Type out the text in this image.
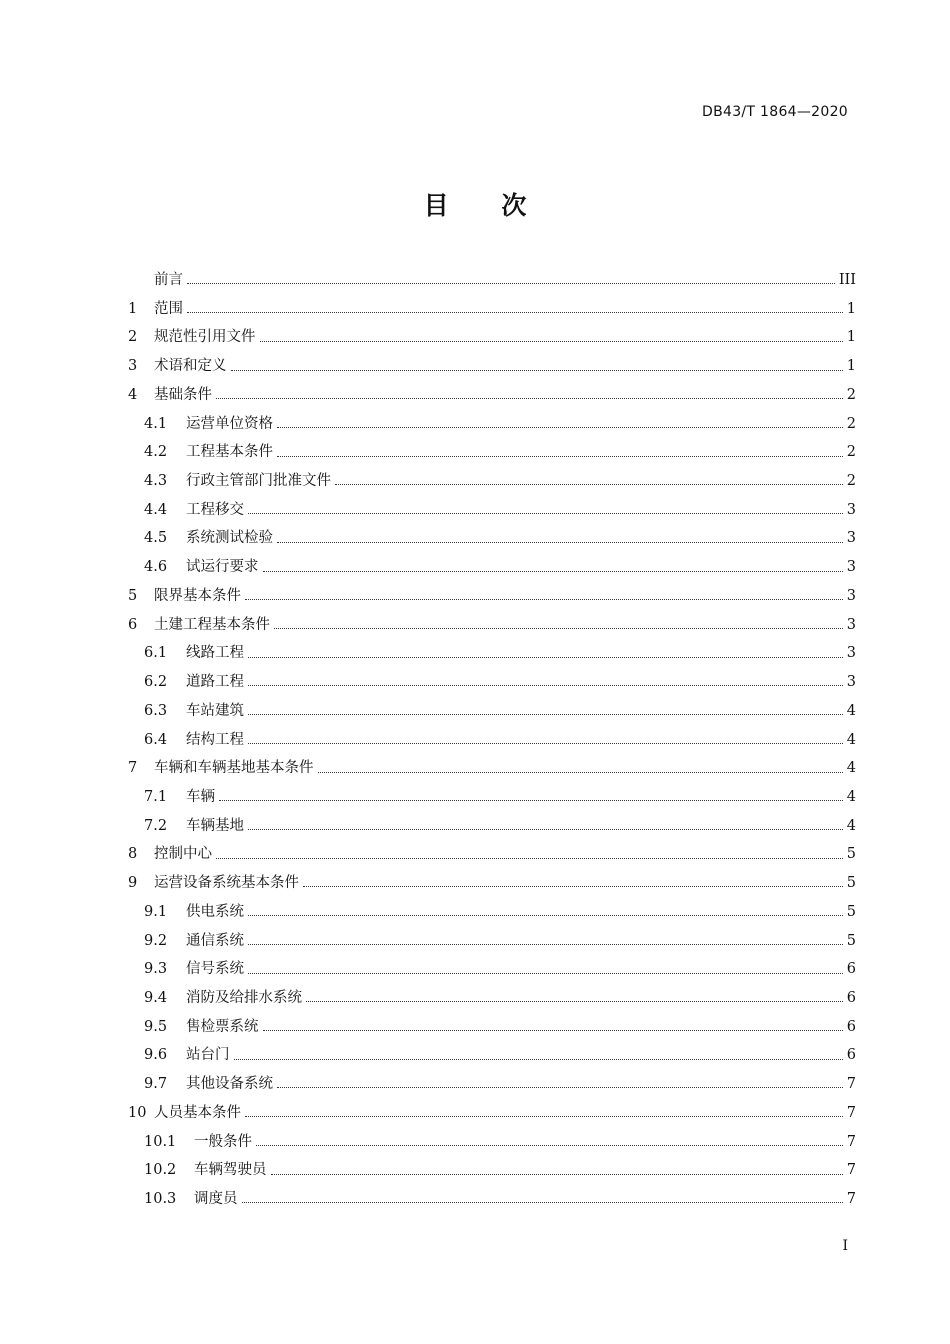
DB43/T 1864—2020
目 次
前言	III
1	范围	1
2	规范性引用文件	1
3	术语和定义	1
4	基础条件	2
4.1	运营单位资格	2
4.2	工程基本条件	2
4.3	行政主管部门批准文件	2
4.4	工程移交	3
4.5	系统测试检验	3
4.6	试运行要求	3
5	限界基本条件	3
6	土建工程基本条件	3
6.1	线路工程	3
6.2	道路工程	3
6.3	车站建筑	4
6.4	结构工程	4
7	车辆和车辆基地基本条件	4
7.1	车辆	4
7.2	车辆基地	4
8	控制中心	5
9	运营设备系统基本条件	5
9.1	供电系统	5
9.2	通信系统	5
9.3	信号系统	6
9.4	消防及给排水系统	6
9.5	售检票系统	6
9.6	站台门	6
9.7	其他设备系统	7
10 人员基本条件	7
10.1	一般条件	7
10.2	车辆驾驶员	7
10.3	调度员	7
I
